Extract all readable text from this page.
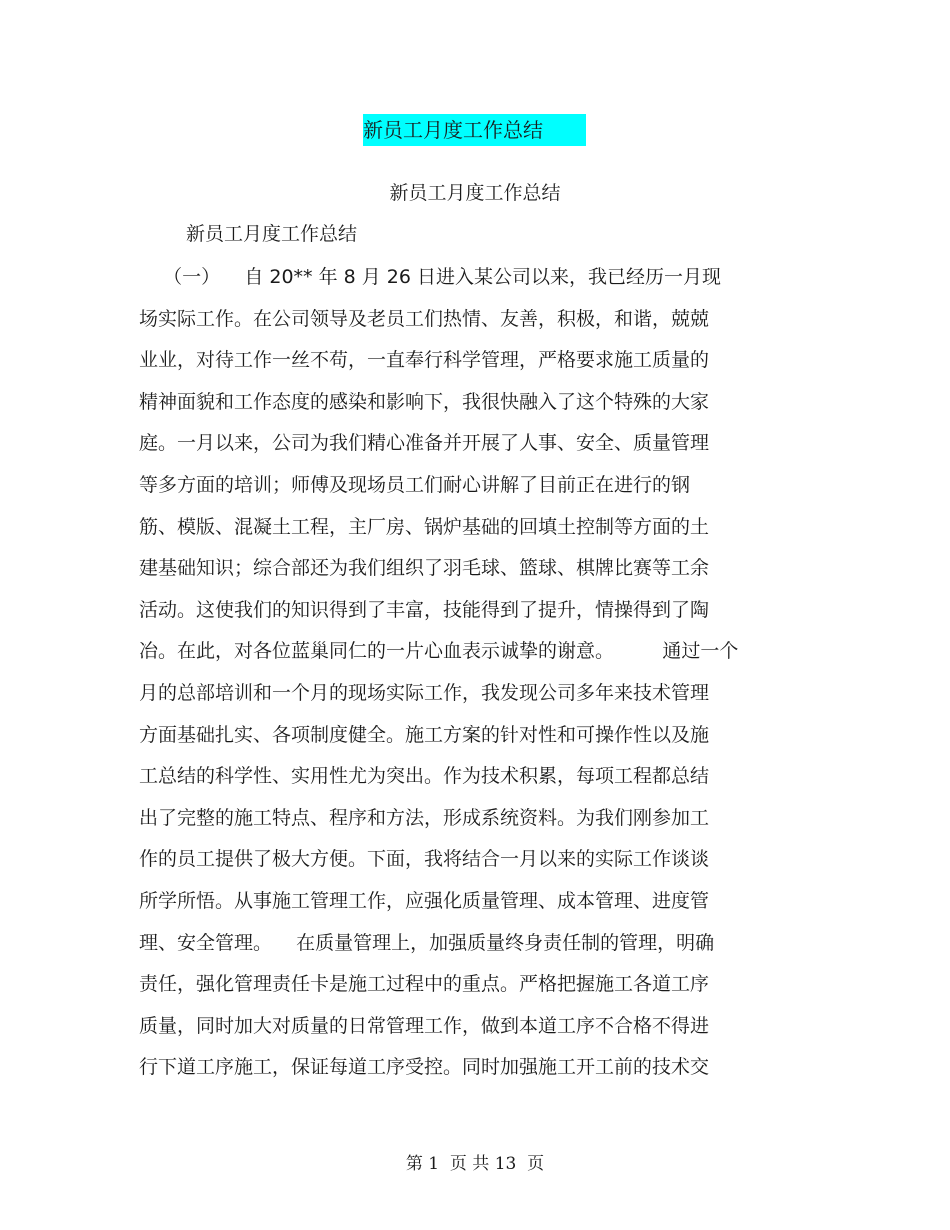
新员工月度工作总结
新员工月度工作总结
新员工月度工作总结
（一）    自 20** 年 8 月 26 日进入某公司以来，我已经历一月现
场实际工作。在公司领导及老员工们热情、友善，积极，和谐，兢兢
业业，对待工作一丝不苟，一直奉行科学管理，严格要求施工质量的
精神面貌和工作态度的感染和影响下，我很快融入了这个特殊的大家
庭。一月以来，公司为我们精心准备并开展了人事、安全、质量管理
等多方面的培训；师傅及现场员工们耐心讲解了目前正在进行的钢
筋、模版、混凝土工程，主厂房、锅炉基础的回填土控制等方面的土
建基础知识；综合部还为我们组织了羽毛球、篮球、棋牌比赛等工余
活动。这使我们的知识得到了丰富，技能得到了提升，情操得到了陶
冶。在此，对各位蓝巢同仁的一片心血表示诚挚的谢意。        通过一个
月的总部培训和一个月的现场实际工作，我发现公司多年来技术管理
方面基础扎实、各项制度健全。施工方案的针对性和可操作性以及施
工总结的科学性、实用性尤为突出。作为技术积累，每项工程都总结
出了完整的施工特点、程序和方法，形成系统资料。为我们刚参加工
作的员工提供了极大方便。下面，我将结合一月以来的实际工作谈谈
所学所悟。从事施工管理工作，应强化质量管理、成本管理、进度管
理、安全管理。    在质量管理上，加强质量终身责任制的管理，明确
责任，强化管理责任卡是施工过程中的重点。严格把握施工各道工序
质量，同时加大对质量的日常管理工作，做到本道工序不合格不得进
行下道工序施工，保证每道工序受控。同时加强施工开工前的技术交
第 1  页 共 13  页
